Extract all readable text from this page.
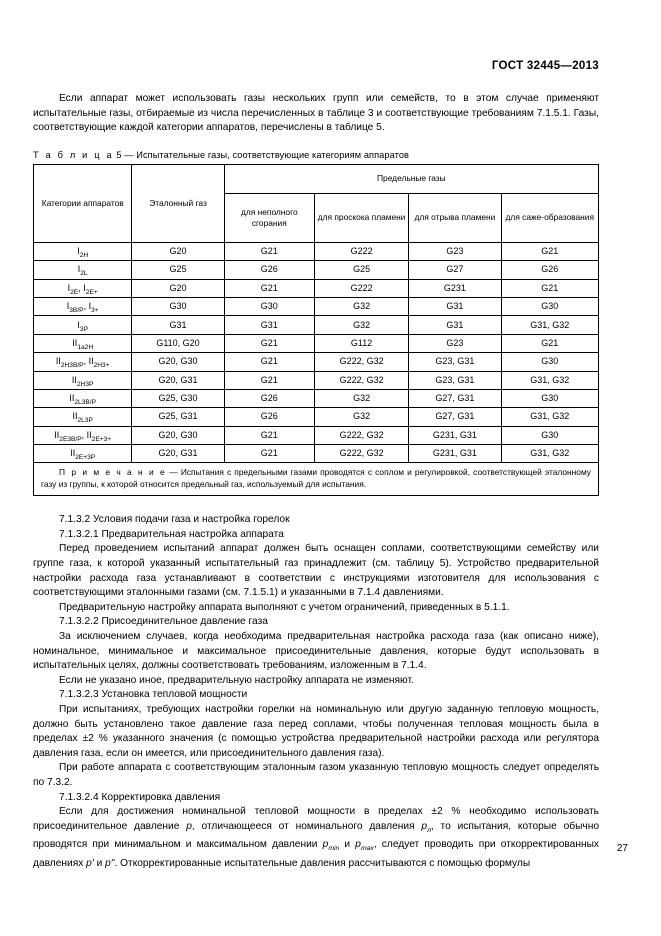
ГОСТ 32445—2013

Если аппарат может использовать газы нескольких групп или семейств, то в этом случае применяют испытательные газы, отбираемые из числа перечисленных в таблице 3 и соответствующие требованиям 7.1.5.1. Газы, соответствующие каждой категории аппаратов, перечислены в таблице 5.

Т а б л и ц а 5 — Испытательные газы, соответствующие категориям аппаратов
Категории аппаратов	Эталонный газ	Предельные газы			
		для неполного сгорания	для проскока пламени	для отрыва пламени	для саже-образования
$I_{2H}$	G20	G21	G222	G23	G21
$I_{2L}$	G25	G26	G25	G27	G26
$I_{2E}$, $I_{2E+}$	G20	G21	G222	G231	G21
$I_{3B/P}$, $I_{3+}$	G30	G30	G32	G31	G30
$I_{3P}$	G31	G31	G32	G31	G31, G32
$II_{1a2H}$	G110, G20	G21	G112	G23	G21
$II_{2H3B/P}$, $II_{2H3+}$	G20, G30	G21	G222, G32	G23, G31	G30
$II_{2H3P}$	G20, G31	G21	G222, G32	G23, G31	G31, G32
$II_{2L3B/P}$	G25, G30	G26	G32	G27, G31	G30
$II_{2L3P}$	G25, G31	G26	G32	G27, G31	G31, G32
$II_{2E3B/P}$, $II_{2E+3+}$	G20, G30	G21	G222, G32	G231, G31	G30
$II_{2E+3P}$	G20, G31	G21	G222, G32	G231, G31	G31, G32

П р и м е ч а н и е — Испытания с предельными газами проводятся с соплом и регулировкой, соответствующей эталонному газу из группы, к которой относится предельный газ, используемый для испытания.					

7.1.3.2 Условия подачи газа и настройка горелок

7.1.3.2.1 Предварительная настройка аппарата

Перед проведением испытаний аппарат должен быть оснащен соплами, соответствующими семейству или группе газа, к которой указанный испытательный газ принадлежит (см. таблицу 5). Устройство предварительной настройки расхода газа устанавливают в соответствии с инструкциями изготовителя для использования с соответствующими эталонными газами (см. 7.1.5.1) и указанными в 7.1.4 давлениями.

Предварительную настройку аппарата выполняют с учетом ограничений, приведенных в 5.1.1.

7.1.3.2.2 Присоединительное давление газа

За исключением случаев, когда необходима предварительная настройка расхода газа (как описано ниже), номинальное, минимальное и максимальное присоединительные давления, которые будут использовать в испытательных целях, должны соответствовать требованиям, изложенным в 7.1.4.

Если не указано иное, предварительную настройку аппарата не изменяют.

7.1.3.2.3 Установка тепловой мощности

При испытаниях, требующих настройки горелки на номинальную или другую заданную тепловую мощность, должно быть установлено такое давление газа перед соплами, чтобы полученная тепловая мощность была в пределах ±2 % указанного значения (с помощью устройства предварительной настройки расхода или регулятора давления газа, если он имеется, или присоединительного давления газа).

При работе аппарата с соответствующим эталонным газом указанную тепловую мощность следует определять по 7.3.2.

7.1.3.2.4 Корректировка давления

Если для достижения номинальной тепловой мощности в пределах ±2 % необходимо использовать присоединительное давление p, отличающееся от номинального давления $p_л$, то испытания, которые обычно проводятся при минимальном и максимальном давлении $p_{min}$ и $p_{max}$, следует проводить при откорректированных давлениях p' и p". Откорректированные испытательные давления рассчитываются с помощью формулы

27
